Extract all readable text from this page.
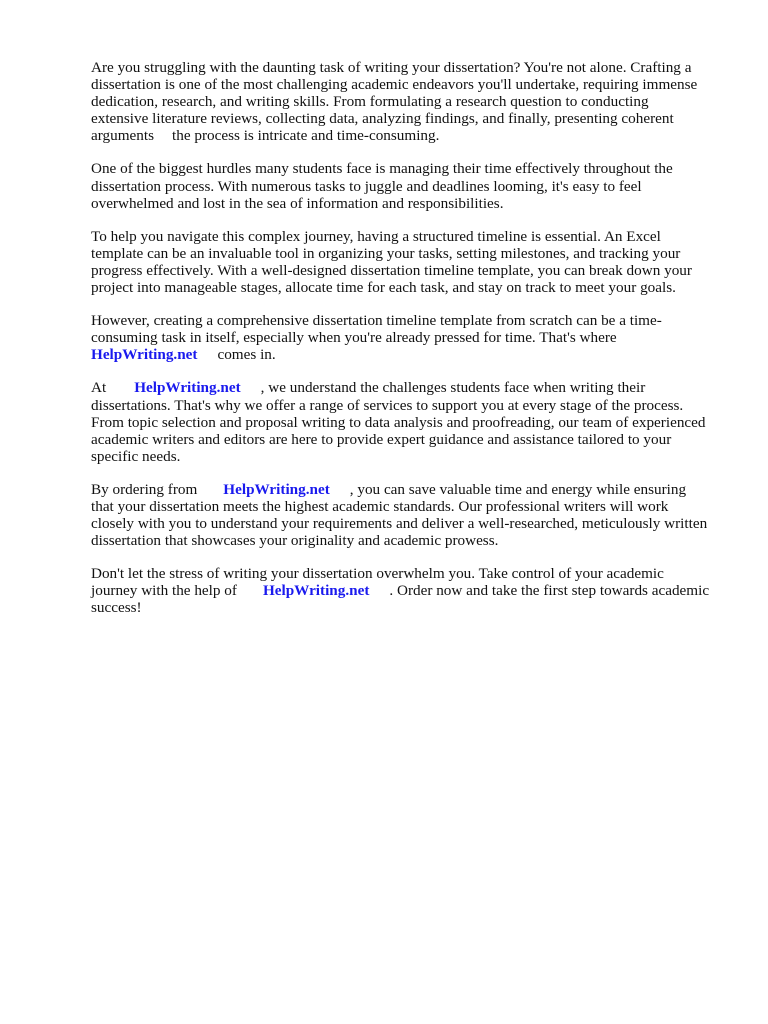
Are you struggling with the daunting task of writing your dissertation? You're not alone. Crafting a
dissertation is one of the most challenging academic endeavors you'll undertake, requiring immense
dedication, research, and writing skills. From formulating a research question to conducting
extensive literature reviews, collecting data, analyzing findings, and finally, presenting coherent
arguments the process is intricate and time-consuming.

One of the biggest hurdles many students face is managing their time effectively throughout the
dissertation process. With numerous tasks to juggle and deadlines looming, it's easy to feel
overwhelmed and lost in the sea of information and responsibilities.

To help you navigate this complex journey, having a structured timeline is essential. An Excel
template can be an invaluable tool in organizing your tasks, setting milestones, and tracking your
progress effectively. With a well-designed dissertation timeline template, you can break down your
project into manageable stages, allocate time for each task, and stay on track to meet your goals.

However, creating a comprehensive dissertation timeline template from scratch can be a time-
consuming task in itself, especially when you're already pressed for time. That's where
HelpWriting.net comes in.

At HelpWriting.net , we understand the challenges students face when writing their
dissertations. That's why we offer a range of services to support you at every stage of the process.
From topic selection and proposal writing to data analysis and proofreading, our team of experienced
academic writers and editors are here to provide expert guidance and assistance tailored to your
specific needs.

By ordering from HelpWriting.net , you can save valuable time and energy while ensuring
that your dissertation meets the highest academic standards. Our professional writers will work
closely with you to understand your requirements and deliver a well-researched, meticulously written
dissertation that showcases your originality and academic prowess.

Don't let the stress of writing your dissertation overwhelm you. Take control of your academic
journey with the help of HelpWriting.net . Order now and take the first step towards academic
success!
